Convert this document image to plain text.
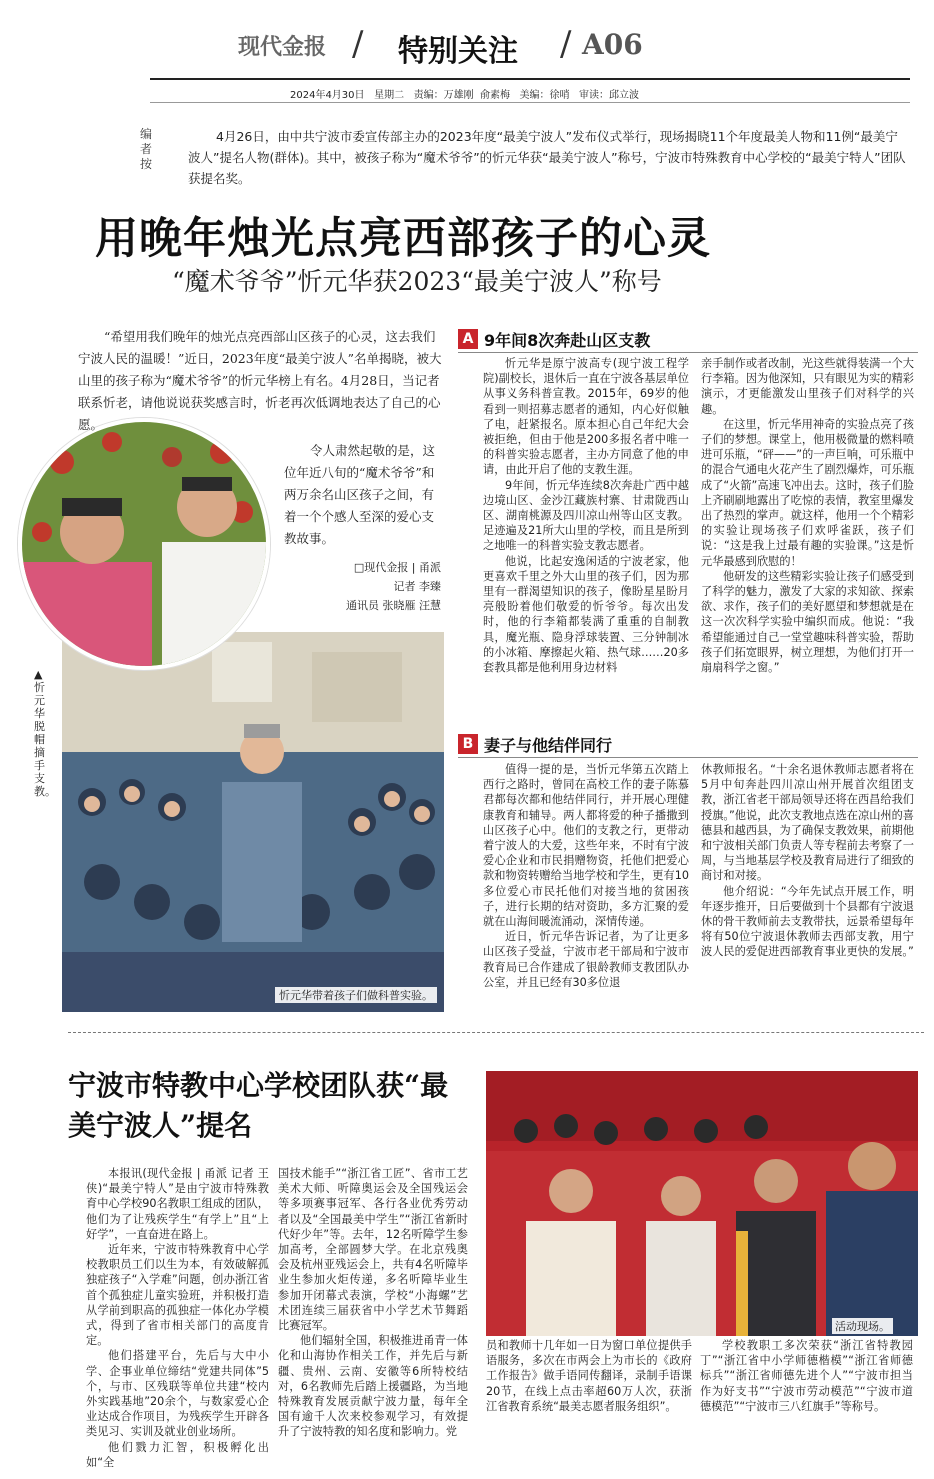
现代金报 / 特别关注 / A06
2024年4月30日   星期二   责编：万雄刚  俞素梅   美编：徐哨   审读：邱立波
编者按
4月26日，由中共宁波市委宣传部主办的2023年度“最美宁波人”发布仪式举行，现场揭晓11个年度最美人物和11例“最美宁波人”提名人物(群体)。其中，被孩子称为“魔术爷爷”的忻元华获“最美宁波人”称号，宁波市特殊教育中心学校的“最美宁特人”团队获提名奖。
用晚年烛光点亮西部孩子的心灵
“魔术爷爷”忻元华获2023“最美宁波人”称号
忻元华带着孩子们做科普实验。
▲忻元华脱帽摘手支教。

“希望用我们晚年的烛光点亮西部山区孩子的心灵，这去我们宁波人民的温暖！”近日，2023年度“最美宁波人”名单揭晓，被大山里的孩子称为“魔术爷爷”的忻元华榜上有名。4月28日，当记者联系忻老，请他说说获奖感言时，忻老再次低调地表达了自己的心愿。

令人肃然起敬的是，这位年近八旬的“魔术爷爷”和两万余名山区孩子之间，有着一个个感人至深的爱心支教故事。

□现代金报 | 甬派
记者 李臻
通讯员 张晓雁 汪慧
A 9年间8次奔赴山区支教

忻元华是原宁波高专(现宁波工程学院)副校长，退休后一直在宁波各基层单位从事义务科普宣教。2015年，69岁的他看到一则招募志愿者的通知，内心好似触了电，赶紧报名。原本担心自己年纪大会被拒绝，但由于他是200多报名者中唯一的科普实验志愿者，主办方同意了他的申请，由此开启了他的支教生涯。

9年间，忻元华连续8次奔赴广西中越边境山区、金沙江藏族村寨、甘肃陇西山区、湖南桃源及四川凉山州等山区支教。足迹遍及21所大山里的学校，而且是所到之地唯一的科普实验支教志愿者。

他说，比起安逸闲适的宁波老家，他更喜欢千里之外大山里的孩子们，因为那里有一群渴望知识的孩子，像盼星星盼月亮般盼着他们敬爱的忻爷爷。每次出发时，他的行李箱都装满了重重的自制教具，魔光瓶、隐身浮球装置、三分钟制冰的小冰箱、摩擦起火箱、热气球……20多套教具都是他利用身边材料

亲手制作或者改制，光这些就得装满一个大行李箱。因为他深知，只有眼见为实的精彩演示，才更能激发山里孩子们对科学的兴趣。

在这里，忻元华用神奇的实验点亮了孩子们的梦想。课堂上，他用极微量的燃料喷进可乐瓶，“砰——”的一声巨响，可乐瓶中的混合气通电火花产生了剧烈爆炸，可乐瓶成了“火箭”高速飞冲出去。这时，孩子们脸上齐刷刷地露出了吃惊的表情，教室里爆发出了热烈的掌声。就这样，他用一个个精彩的实验让现场孩子们欢呼雀跃，孩子们说：“这是我上过最有趣的实验课。”这是忻元华最感到欣慰的！

他研发的这些精彩实验让孩子们感受到了科学的魅力，激发了大家的求知欲、探索欲、求作，孩子们的美好愿望和梦想就是在这一次次科学实验中编织而成。他说：“我希望能通过自己一堂堂趣味科普实验，帮助孩子们拓宽眼界，树立理想，为他们打开一扇扇科学之窗。”

B 妻子与他结伴同行

值得一提的是，当忻元华第五次踏上西行之路时，曾同在高校工作的妻子陈慕君都每次都和他结伴同行，并开展心理健康教育和辅导。两人都将爱的种子播撒到山区孩子心中。他们的支教之行，更带动着宁波人的大爱，这些年来，不时有宁波爱心企业和市民捐赠物资，托他们把爱心款和物资转赠给当地学校和学生，更有10多位爱心市民托他们对接当地的贫困孩子，进行长期的结对资助，多方汇聚的爱就在山海间暖流涌动，深情传递。

近日，忻元华告诉记者，为了让更多山区孩子受益，宁波市老干部局和宁波市教育局已合作建成了银龄教师支教团队办公室，并且已经有30多位退

休教师报名。“十余名退休教师志愿者将在5月中旬奔赴四川凉山州开展首次组团支教，浙江省老干部局领导还将在西昌给我们授旗。”他说，此次支教地点选在凉山州的喜德县和越西县，为了确保支教效果，前期他和宁波相关部门负责人等专程前去考察了一周，与当地基层学校及教育局进行了细致的商讨和对接。

他介绍说：“今年先试点开展工作，明年逐步推开，日后要做到十个县都有宁波退休的骨干教师前去支教带扶，远景希望每年将有50位宁波退休教师去西部支教，用宁波人民的爱促进西部教育事业更快的发展。”

宁波市特教中心学校团队获“最美宁波人”提名

本报讯(现代金报 | 甬派 记者 王侠)“最美宁特人”是由宁波市特殊教育中心学校90名教职工组成的团队，他们为了让残疾学生“有学上”且“上好学”，一直奋进在路上。

近年来，宁波市特殊教育中心学校教职员工们以生为本，有效破解孤独症孩子“入学难”问题，创办浙江省首个孤独症儿童实验班，并积极打造从学前到职高的孤独症一体化办学模式，得到了省市相关部门的高度肯定。

他们搭建平台，先后与大中小学、企事业单位缔结“党建共同体”5个，与市、区残联等单位共建“校内外实践基地”20余个，与数家爱心企业达成合作项目，为残疾学生开辟各类见习、实训及就业创业场所。

他们戮力汇智，积极孵化出如“全

国技术能手”“浙江省工匠”、省市工艺美术大师、听障奥运会及全国残运会等多项赛事冠军、各行各业优秀劳动者以及“全国最美中学生”“浙江省新时代好少年”等。去年，12名听障学生参加高考，全部圆梦大学。在北京残奥会及杭州亚残运会上，共有4名听障毕业生参加火炬传递，多名听障毕业生参加开闭幕式表演，学校“小海螺”艺术团连续三届获省中小学艺术节舞蹈比赛冠军。

他们辐射全国，积极推进甬青一体化和山海协作相关工作，并先后与新疆、贵州、云南、安徽等6所特校结对，6名教师先后踏上援疆路，为当地特殊教育发展贡献宁波力量，每年全国有逾千人次来校参观学习，有效提升了宁波特教的知名度和影响力。党

活动现场。

员和教师十几年如一日为窗口单位提供手语服务，多次在市两会上为市长的《政府工作报告》做手语同传翻译，录制手语课20节，在线上点击率超60万人次，获浙江省教育系统“最美志愿者服务组织”。

学校教职工多次荣获“浙江省特教园丁”“浙江省中小学师德楷模”“浙江省师德标兵”“浙江省师德先进个人”“宁波市担当作为好支书”“宁波市劳动模范”“宁波市道德模范”“宁波市三八红旗手”等称号。
